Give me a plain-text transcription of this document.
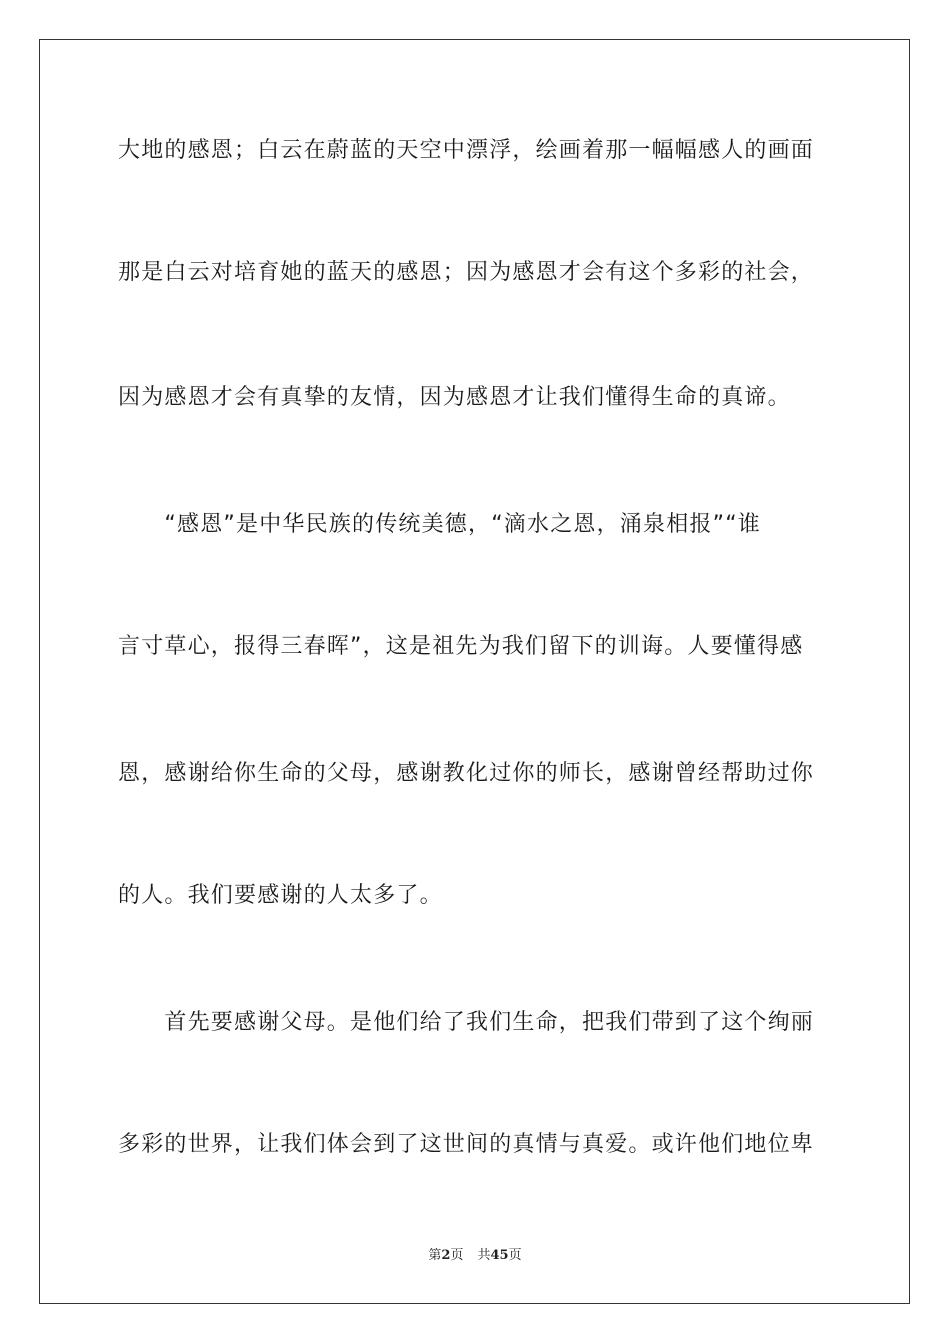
大地的感恩；白云在蔚蓝的天空中漂浮，绘画着那一幅幅感人的画面
那是白云对培育她的蓝天的感恩；因为感恩才会有这个多彩的社会，
因为感恩才会有真挚的友情，因为感恩才让我们懂得生命的真谛。
　　“感恩”是中华民族的传统美德，“滴水之恩，涌泉相报”“谁
言寸草心，报得三春晖”，这是祖先为我们留下的训诲。人要懂得感
恩，感谢给你生命的父母，感谢教化过你的师长，感谢曾经帮助过你
的人。我们要感谢的人太多了。
　　首先要感谢父母。是他们给了我们生命，把我们带到了这个绚丽
多彩的世界，让我们体会到了这世间的真情与真爱。或许他们地位卑
第2页 共45页
